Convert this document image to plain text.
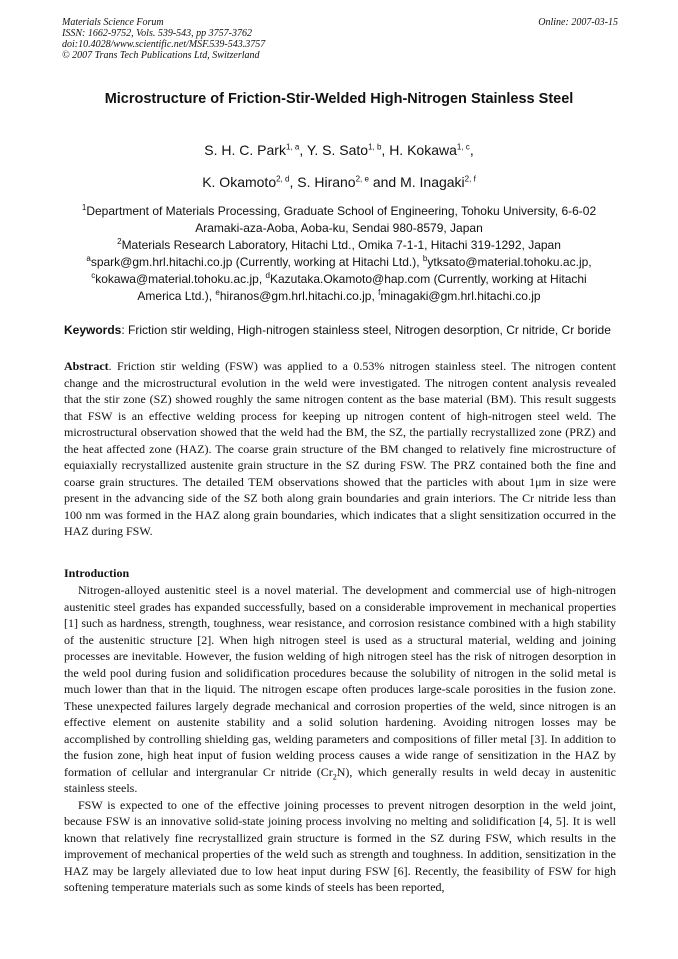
Materials Science Forum
ISSN: 1662-9752, Vols. 539-543, pp 3757-3762
doi:10.4028/www.scientific.net/MSF.539-543.3757
© 2007 Trans Tech Publications Ltd, Switzerland
Online: 2007-03-15
Microstructure of Friction-Stir-Welded High-Nitrogen Stainless Steel
S. H. C. Park$^{1, a}$, Y. S. Sato$^{1, b}$, H. Kokawa$^{1, c}$,
K. Okamoto$^{2, d}$, S. Hirano$^{2, e}$ and M. Inagaki$^{2, f}$
$^1$Department of Materials Processing, Graduate School of Engineering, Tohoku University, 6-6-02
Aramaki-aza-Aoba, Aoba-ku, Sendai 980-8579, Japan
$^2$Materials Research Laboratory, Hitachi Ltd., Omika 7-1-1, Hitachi 319-1292, Japan
$^a$spark@gm.hrl.hitachi.co.jp (Currently, working at Hitachi Ltd.), $^b$ytksato@material.tohoku.ac.jp,
$^c$kokawa@material.tohoku.ac.jp, $^d$Kazutaka.Okamoto@hap.com (Currently, working at Hitachi
America Ltd.), $^e$hiranos@gm.hrl.hitachi.co.jp, $^f$minagaki@gm.hrl.hitachi.co.jp
Keywords: Friction stir welding, High-nitrogen stainless steel, Nitrogen desorption, Cr nitride, Cr boride

Abstract. Friction stir welding (FSW) was applied to a 0.53% nitrogen stainless steel. The nitrogen content change and the microstructural evolution in the weld were investigated. The nitrogen content analysis revealed that the stir zone (SZ) showed roughly the same nitrogen content as the base material (BM). This result suggests that FSW is an effective welding process for keeping up nitrogen content of high-nitrogen steel weld. The microstructural observation showed that the weld had the BM, the SZ, the partially recrystallized zone (PRZ) and the heat affected zone (HAZ). The coarse grain structure of the BM changed to relatively fine microstructure of equiaxially recrystallized austenite grain structure in the SZ during FSW. The PRZ contained both the fine and coarse grain structures. The detailed TEM observations showed that the particles with about 1μm in size were present in the advancing side of the SZ both along grain boundaries and grain interiors. The Cr nitride less than 100 nm was formed in the HAZ along grain boundaries, which indicates that a slight sensitization occurred in the HAZ during FSW.

Introduction

Nitrogen-alloyed austenitic steel is a novel material. The development and commercial use of high-nitrogen austenitic steel grades has expanded successfully, based on a considerable improvement in mechanical properties [1] such as hardness, strength, toughness, wear resistance, and corrosion resistance combined with a high stability of the austenitic structure [2]. When high nitrogen steel is used as a structural material, welding and joining processes are inevitable. However, the fusion welding of high nitrogen steel has the risk of nitrogen desorption in the weld pool during fusion and solidification procedures because the solubility of nitrogen in the solid metal is much lower than that in the liquid. The nitrogen escape often produces large-scale porosities in the fusion zone. These unexpected failures largely degrade mechanical and corrosion properties of the weld, since nitrogen is an effective element on austenite stability and a solid solution hardening. Avoiding nitrogen losses may be accomplished by controlling shielding gas, welding parameters and compositions of filler metal [3]. In addition to the fusion zone, high heat input of fusion welding process causes a wide range of sensitization in the HAZ by formation of cellular and intergranular Cr nitride $(Cr_2N)$, which generally results in weld decay in austenitic stainless steels.

FSW is expected to one of the effective joining processes to prevent nitrogen desorption in the weld joint, because FSW is an innovative solid-state joining process involving no melting and solidification [4, 5]. It is well known that relatively fine recrystallized grain structure is formed in the SZ during FSW, which results in the improvement of mechanical properties of the weld such as strength and toughness. In addition, sensitization in the HAZ may be largely alleviated due to low heat input during FSW [6]. Recently, the feasibility of FSW for high softening temperature materials such as some kinds of steels has been reported,
